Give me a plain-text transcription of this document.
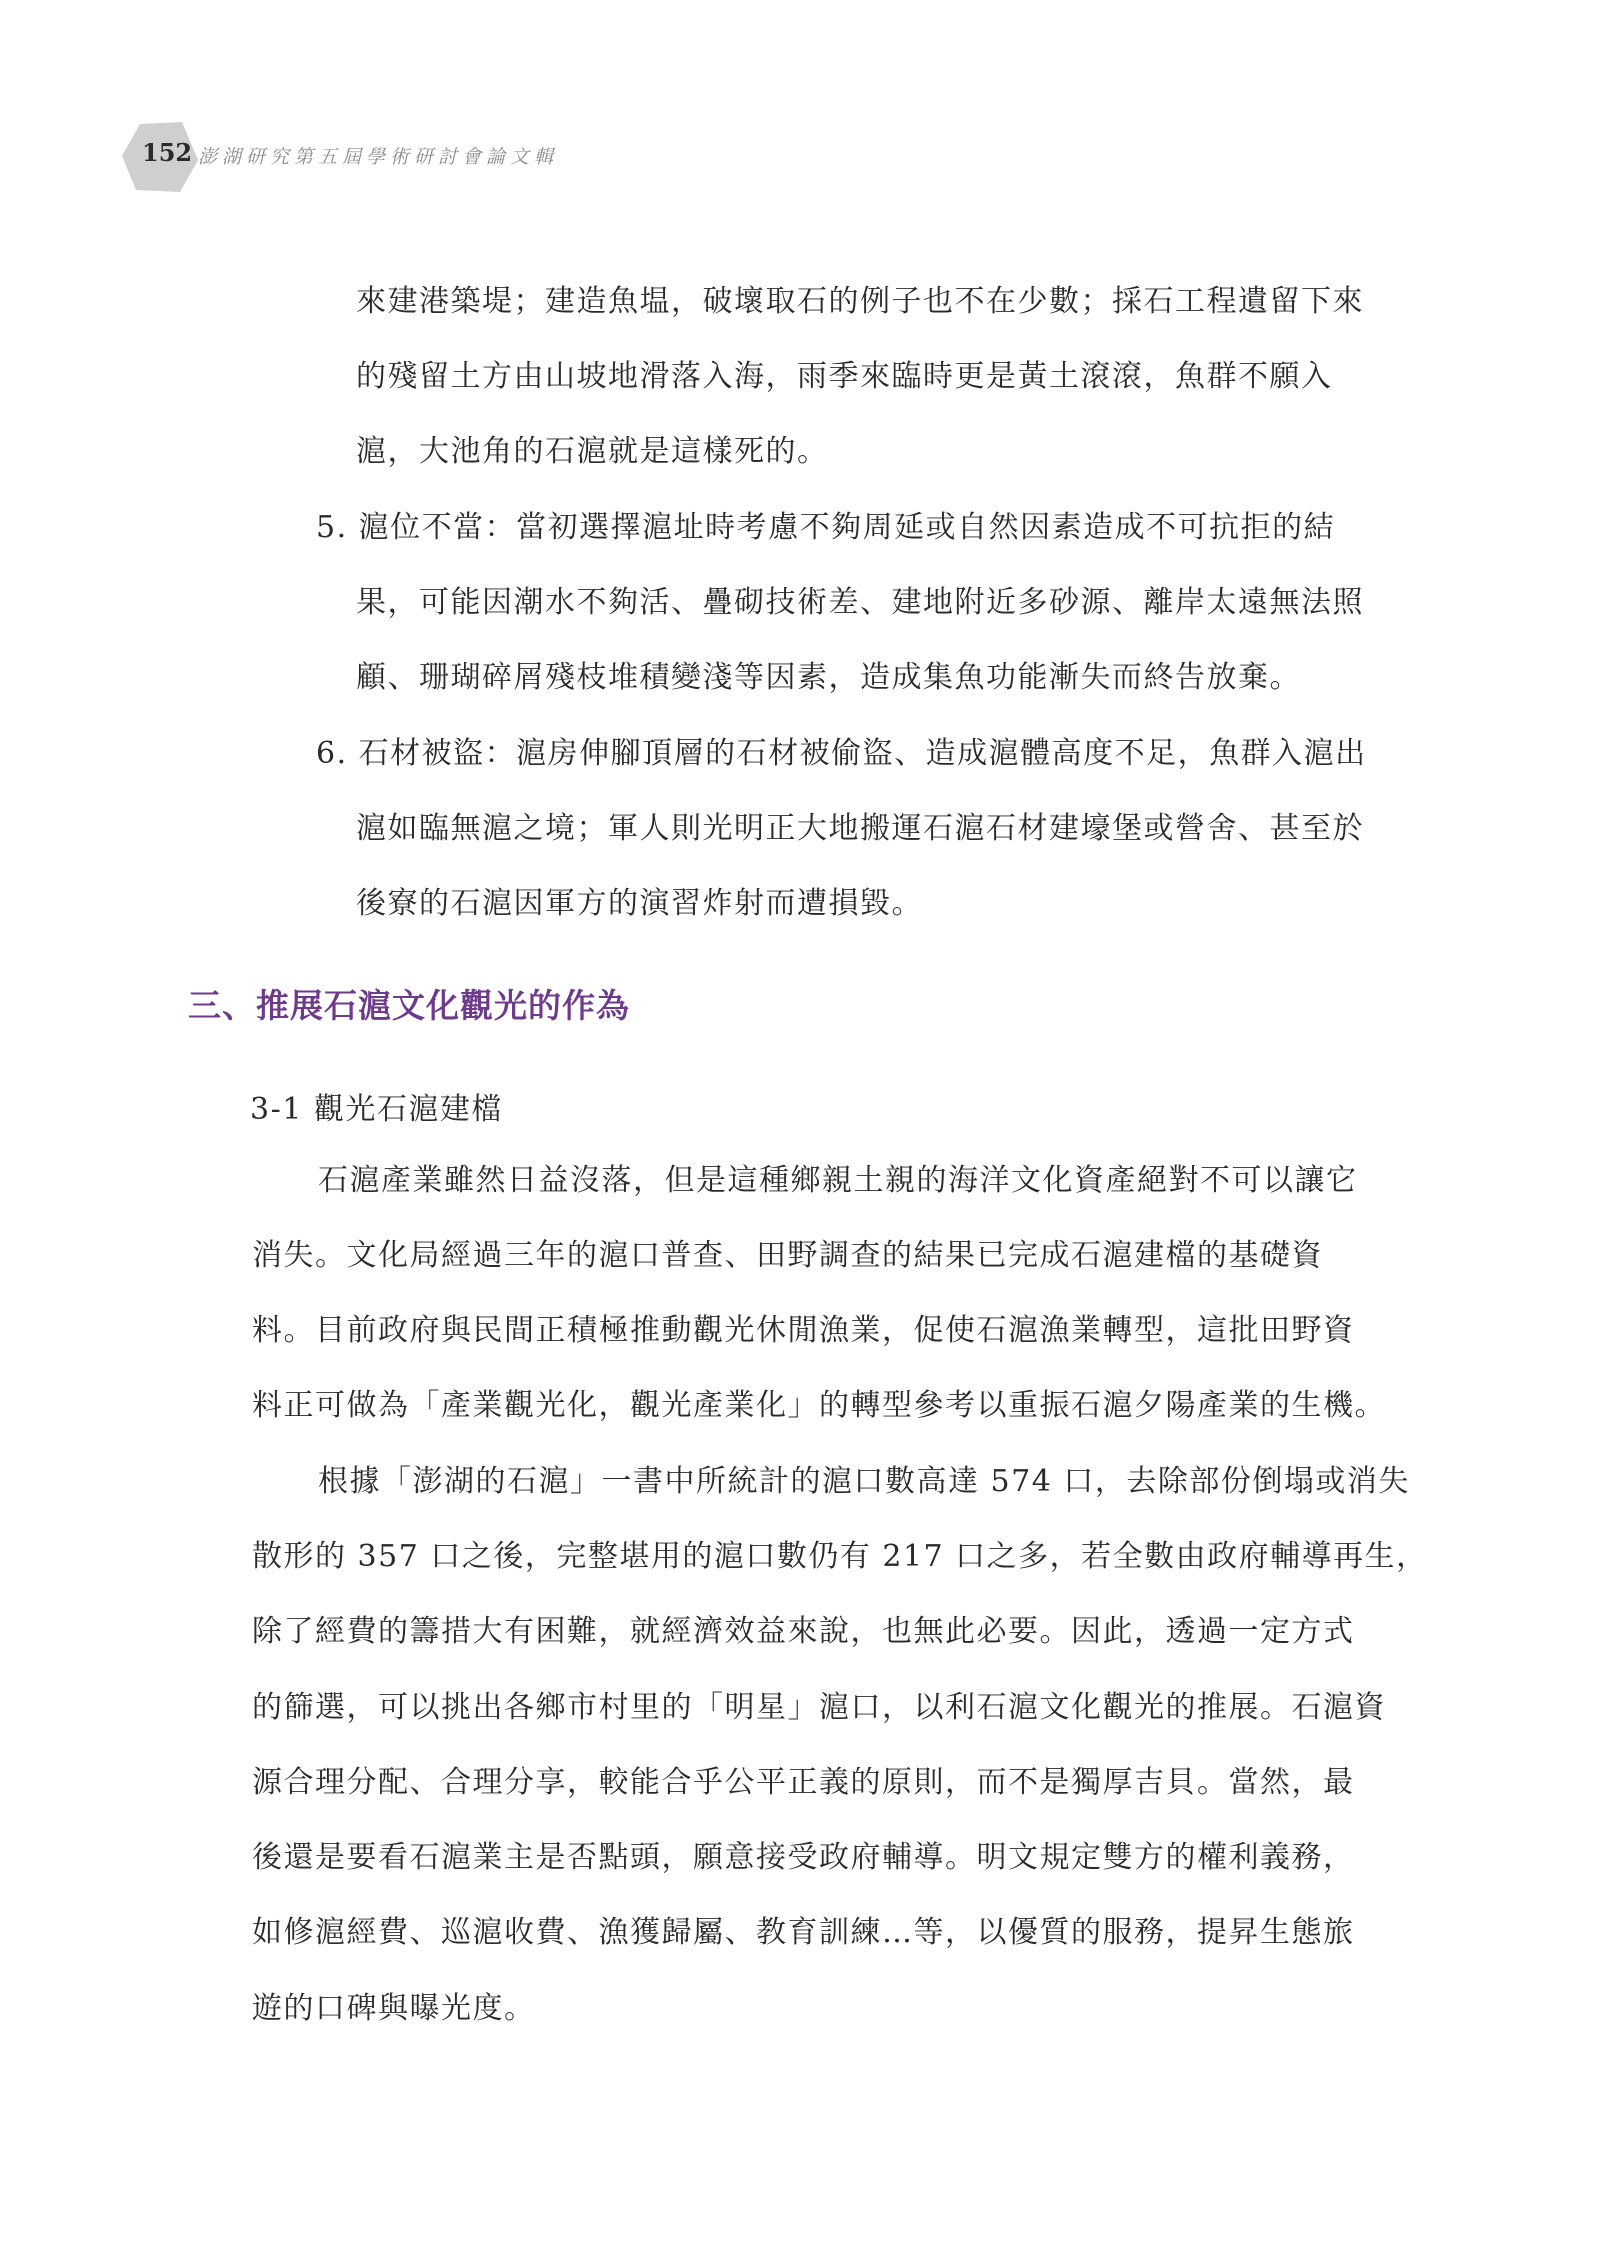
152 澎湖研究第五屆學術研討會論文輯
來建港築堤；建造魚塭，破壞取石的例子也不在少數；採石工程遺留下來
的殘留土方由山坡地滑落入海，雨季來臨時更是黃土滾滾，魚群不願入
滬，大池角的石滬就是這樣死的。
5. 滬位不當：當初選擇滬址時考慮不夠周延或自然因素造成不可抗拒的結
果，可能因潮水不夠活、疊砌技術差、建地附近多砂源、離岸太遠無法照
顧、珊瑚碎屑殘枝堆積變淺等因素，造成集魚功能漸失而終告放棄。
6. 石材被盜：滬房伸腳頂層的石材被偷盜、造成滬體高度不足，魚群入滬出
滬如臨無滬之境；軍人則光明正大地搬運石滬石材建壕堡或營舍、甚至於
後寮的石滬因軍方的演習炸射而遭損毀。
三、推展石滬文化觀光的作為
3-1 觀光石滬建檔
石滬產業雖然日益沒落，但是這種鄉親土親的海洋文化資產絕對不可以讓它
消失。文化局經過三年的滬口普查、田野調查的結果已完成石滬建檔的基礎資
料。目前政府與民間正積極推動觀光休閒漁業，促使石滬漁業轉型，這批田野資
料正可做為「產業觀光化，觀光產業化」的轉型參考以重振石滬夕陽產業的生機。
根據「澎湖的石滬」一書中所統計的滬口數高達 574 口，去除部份倒塌或消失
散形的 357 口之後，完整堪用的滬口數仍有 217 口之多，若全數由政府輔導再生，
除了經費的籌措大有困難，就經濟效益來說，也無此必要。因此，透過一定方式
的篩選，可以挑出各鄉市村里的「明星」滬口，以利石滬文化觀光的推展。石滬資
源合理分配、合理分享，較能合乎公平正義的原則，而不是獨厚吉貝。當然，最
後還是要看石滬業主是否點頭，願意接受政府輔導。明文規定雙方的權利義務，
如修滬經費、巡滬收費、漁獲歸屬、教育訓練…等，以優質的服務，提昇生態旅
遊的口碑與曝光度。
